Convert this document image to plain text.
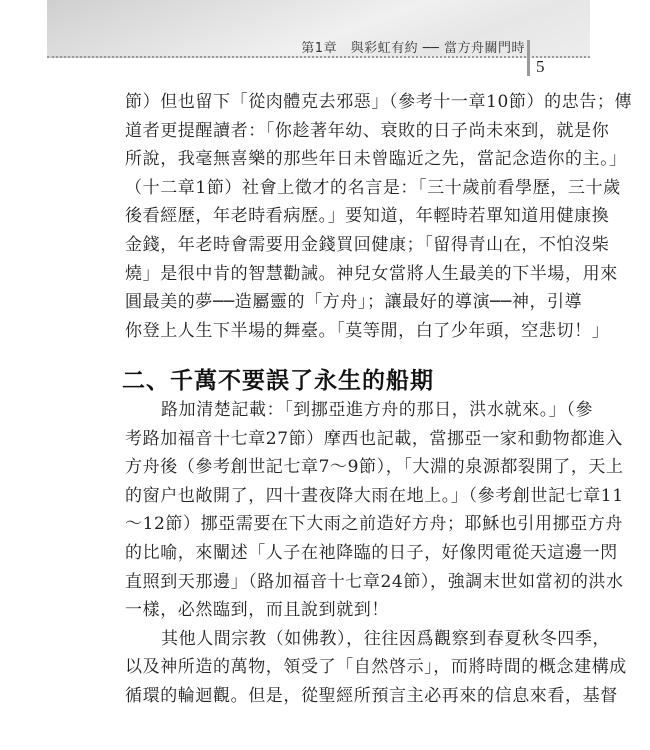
第1章　與彩虹有約 ── 當方舟關門時
5
節）但也留下「從肉體克去邪惡」（參考十一章10節）的忠告；傳
道者更提醒讀者：「你趁著年幼、衰敗的日子尚未來到，就是你
所說，我毫無喜樂的那些年日未曾臨近之先，當記念造你的主。」
（十二章1節）社會上徵才的名言是：「三十歲前看學歷，三十歲
後看經歷，年老時看病歷。」要知道，年輕時若單知道用健康換
金錢，年老時會需要用金錢買回健康；「留得青山在，不怕沒柴
燒」是很中肯的智慧勸誡。神兒女當將人生最美的下半場，用來
圓最美的夢──造屬靈的「方舟」；讓最好的導演──神，引導
你登上人生下半場的舞臺。「莫等閒，白了少年頭，空悲切！」
二、千萬不要誤了永生的船期
路加清楚記載：「到挪亞進方舟的那日，洪水就來。」（參
考路加福音十七章27節）摩西也記載，當挪亞一家和動物都進入
方舟後（參考創世記七章7～9節），「大淵的泉源都裂開了，天上
的窗户也敞開了，四十晝夜降大雨在地上。」（參考創世記七章11
～12節）挪亞需要在下大雨之前造好方舟；耶穌也引用挪亞方舟
的比喻，來闡述「人子在祂降臨的日子，好像閃電從天這邊一閃
直照到天那邊」（路加福音十七章24節），強調末世如當初的洪水
一樣，必然臨到，而且說到就到！
其他人間宗教（如佛教），往往因爲觀察到春夏秋冬四季，
以及神所造的萬物，領受了「自然啓示」，而將時間的概念建構成
循環的輪迴觀。但是，從聖經所預言主必再來的信息來看，基督
